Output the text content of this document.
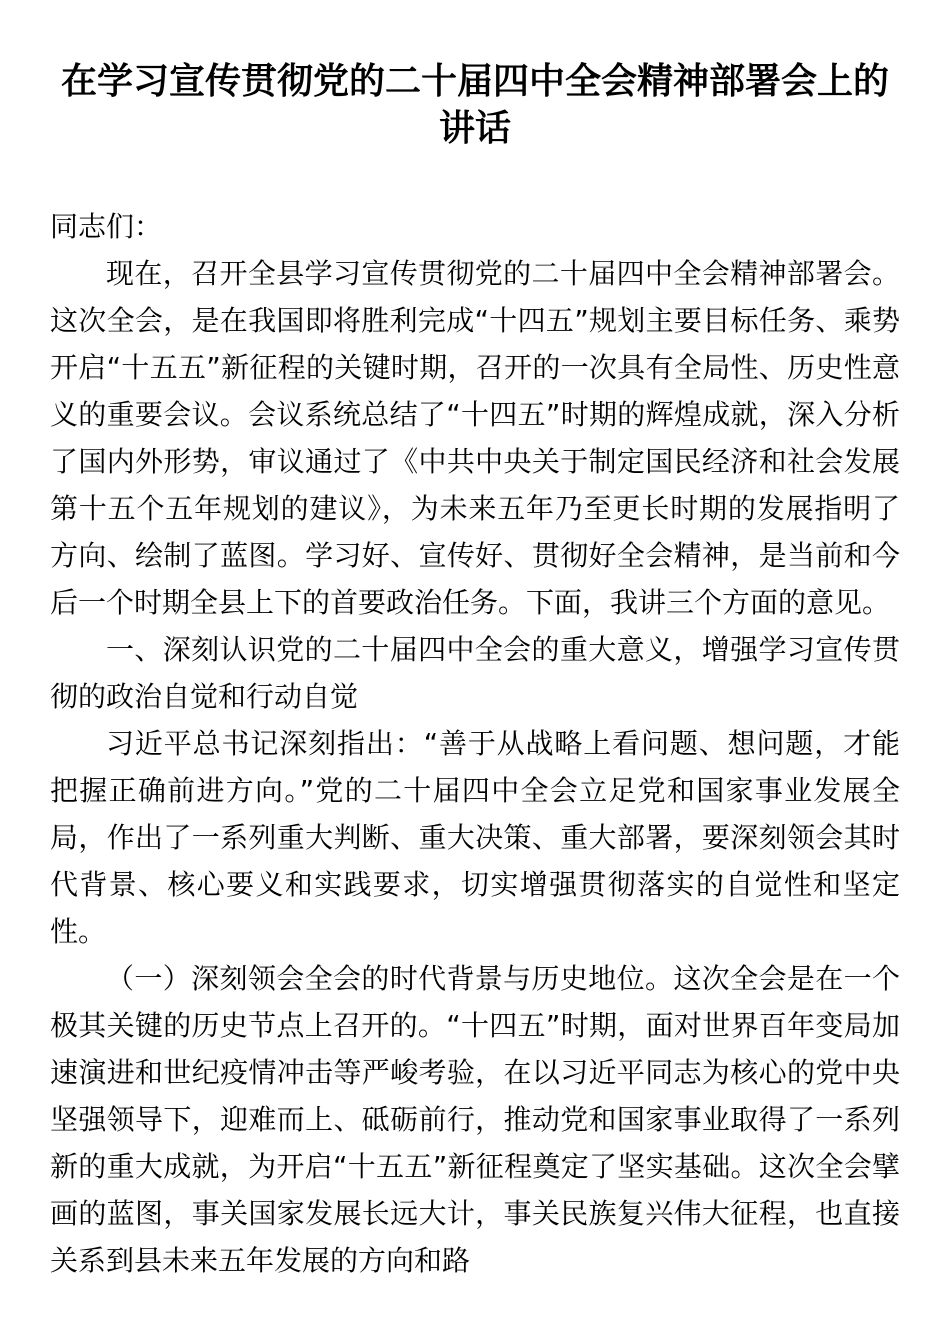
在学习宣传贯彻党的二十届四中全会精神部署会上的讲话

同志们：

现在，召开全县学习宣传贯彻党的二十届四中全会精神部署会。这次全会，是在我国即将胜利完成“十四五”规划主要目标任务、乘势开启“十五五”新征程的关键时期，召开的一次具有全局性、历史性意义的重要会议。会议系统总结了“十四五”时期的辉煌成就，深入分析了国内外形势，审议通过了《中共中央关于制定国民经济和社会发展第十五个五年规划的建议》，为未来五年乃至更长时期的发展指明了方向、绘制了蓝图。学习好、宣传好、贯彻好全会精神，是当前和今后一个时期全县上下的首要政治任务。下面，我讲三个方面的意见。

一、深刻认识党的二十届四中全会的重大意义，增强学习宣传贯彻的政治自觉和行动自觉

习近平总书记深刻指出：“善于从战略上看问题、想问题，才能把握正确前进方向。”党的二十届四中全会立足党和国家事业发展全局，作出了一系列重大判断、重大决策、重大部署，要深刻领会其时代背景、核心要义和实践要求，切实增强贯彻落实的自觉性和坚定性。

（一）深刻领会全会的时代背景与历史地位。这次全会是在一个极其关键的历史节点上召开的。“十四五”时期，面对世界百年变局加速演进和世纪疫情冲击等严峻考验，在以习近平同志为核心的党中央坚强领导下，迎难而上、砥砺前行，推动党和国家事业取得了一系列新的重大成就，为开启“十五五”新征程奠定了坚实基础。这次全会擘画的蓝图，事关国家发展长远大计，事关民族复兴伟大征程，也直接关系到县未来五年发展的方向和路
